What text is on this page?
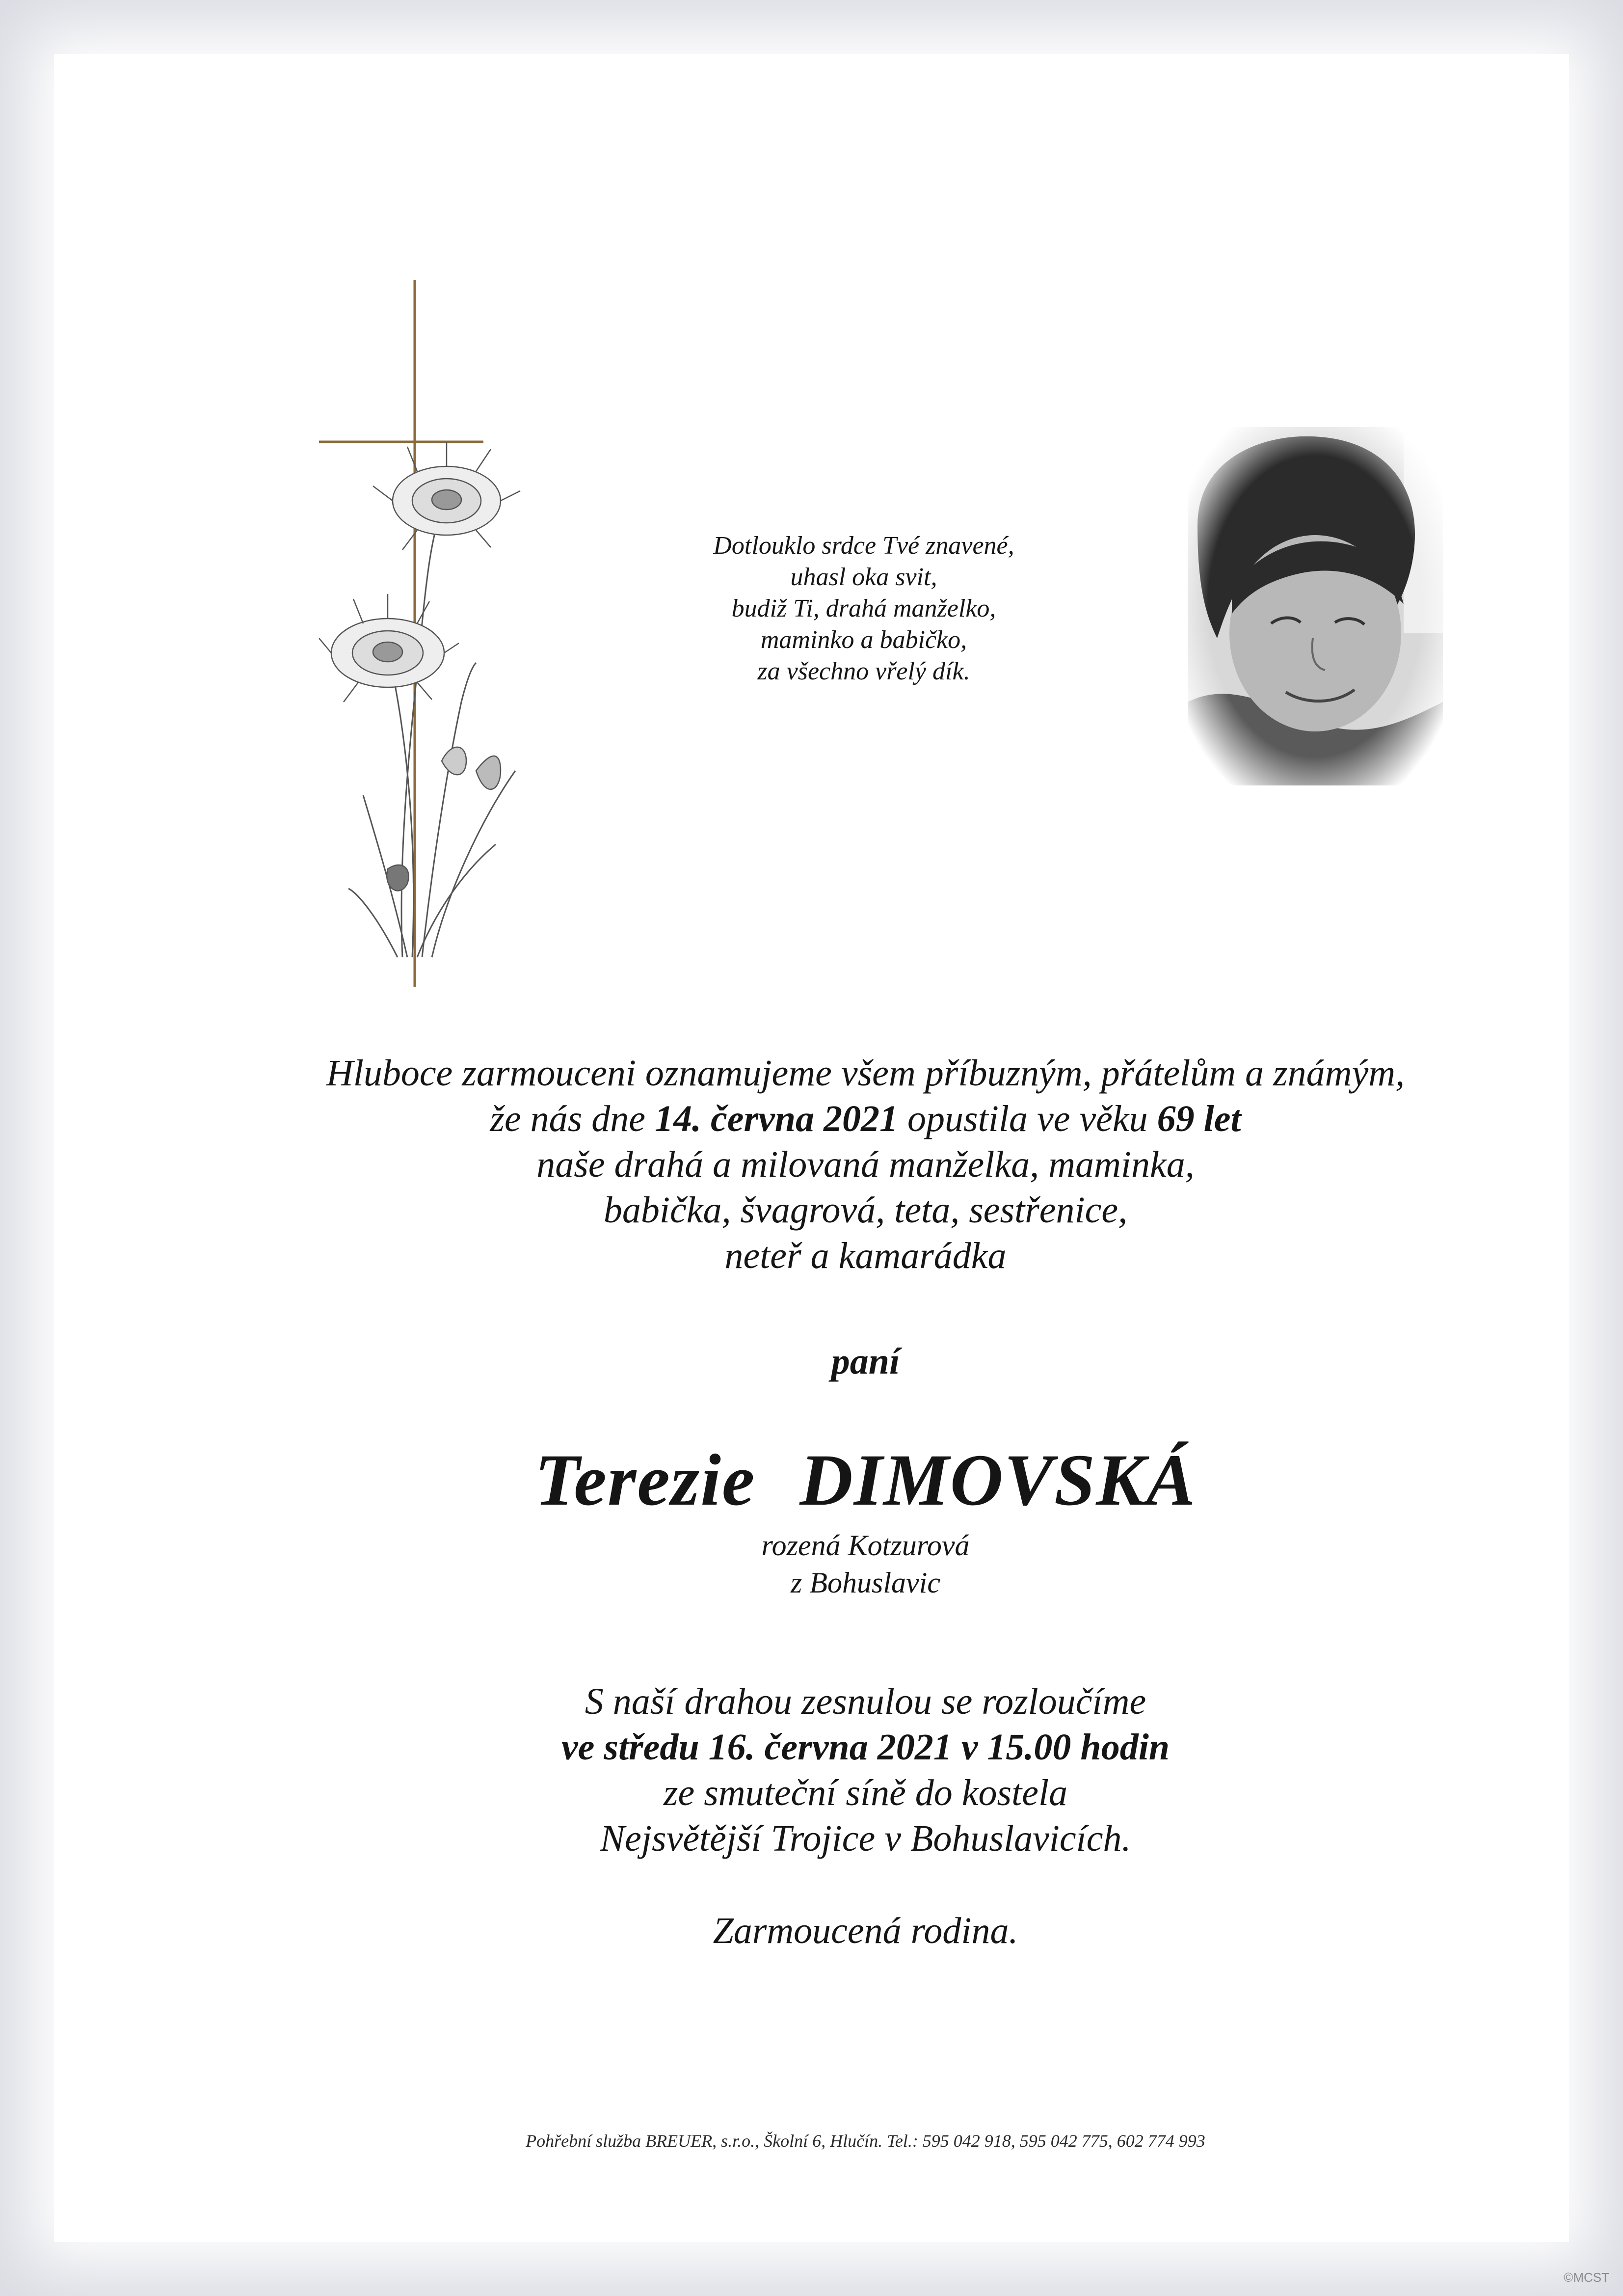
Dotlouklo srdce Tvé znavené,
uhasl oka svit,
budiž Ti, drahá manželko,
maminko a babičko,
za všechno vřelý dík.
Hluboce zarmouceni oznamujeme všem příbuzným, přátelům a známým,
že nás dne 14. června 2021 opustila ve věku 69 let
naše drahá a milovaná manželka, maminka,
babička, švagrová, teta, sestřenice,
neteř a kamarádka
paní
Terezie DIMOVSKÁ
rozená Kotzurová
z Bohuslavic
S naší drahou zesnulou se rozloučíme
ve středu 16. června 2021 v 15.00 hodin
ze smuteční síně do kostela
Nejsvětější Trojice v Bohuslavicích.
Zarmoucená rodina.
Pohřební služba BREUER, s.r.o., Školní 6, Hlučín. Tel.: 595 042 918, 595 042 775, 602 774 993
©MCST
